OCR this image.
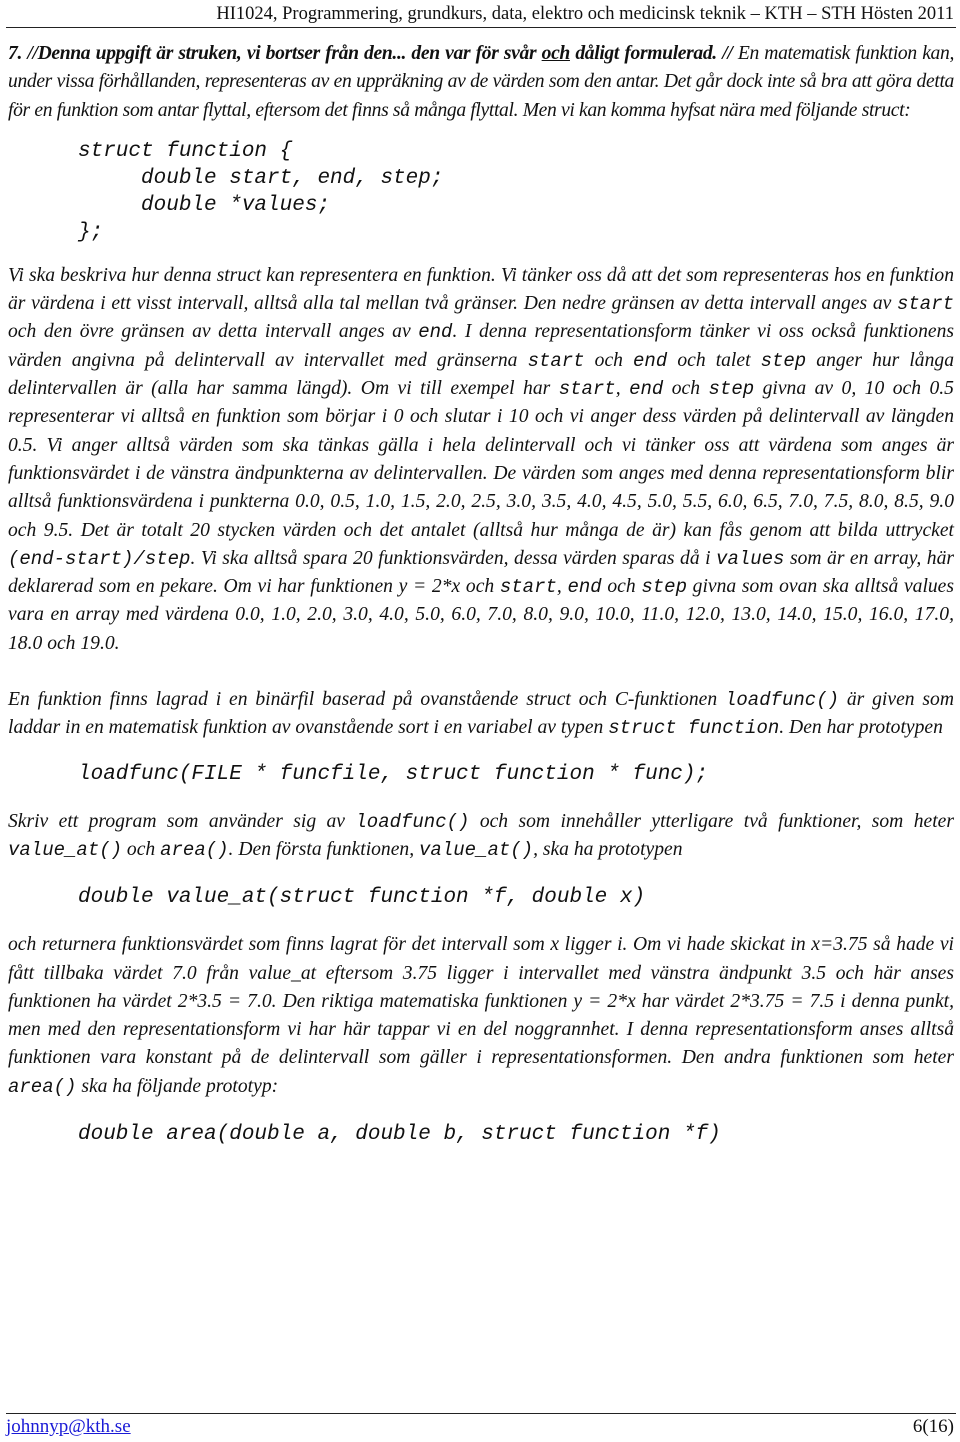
HI1024, Programmering, grundkurs, data, elektro och medicinsk teknik – KTH – STH Hösten 2011

7. //Denna uppgift är struken, vi bortser från den... den var för svår och dåligt formulerad. // En matematisk funktion kan, under vissa förhållanden, representeras av en uppräkning av de värden som den antar. Det går dock inte så bra att göra detta för en funktion som antar flyttal, eftersom det finns så många flyttal. Men vi kan komma hyfsat nära med följande struct:

struct function {
double start, end, step;
double *values;
};

Vi ska beskriva hur denna struct kan representera en funktion. Vi tänker oss då att det som representeras hos en funktion är värdena i ett visst intervall, alltså alla tal mellan två gränser. Den nedre gränsen av detta intervall anges av start och den övre gränsen av detta intervall anges av end. I denna representationsform tänker vi oss också funktionens värden angivna på delintervall av intervallet med gränserna start och end och talet step anger hur långa delintervallen är (alla har samma längd). Om vi till exempel har start, end och step givna av 0, 10 och 0.5 representerar vi alltså en funktion som börjar i 0 och slutar i 10 och vi anger dess värden på delintervall av längden 0.5. Vi anger alltså värden som ska tänkas gälla i hela delintervall och vi tänker oss att värdena som anges är funktionsvärdet i de vänstra ändpunkterna av delintervallen. De värden som anges med denna representationsform blir alltså funktionsvärdena i punkterna 0.0, 0.5, 1.0, 1.5, 2.0, 2.5, 3.0, 3.5, 4.0, 4.5, 5.0, 5.5, 6.0, 6.5, 7.0, 7.5, 8.0, 8.5, 9.0 och 9.5. Det är totalt 20 stycken värden och det antalet (alltså hur många de är) kan fås genom att bilda uttrycket (end-start)/step. Vi ska alltså spara 20 funktionsvärden, dessa värden sparas då i values som är en array, här deklarerad som en pekare. Om vi har funktionen y = 2*x och start, end och step givna som ovan ska alltså values vara en array med värdena 0.0, 1.0, 2.0, 3.0, 4.0, 5.0, 6.0, 7.0, 8.0, 9.0, 10.0, 11.0, 12.0, 13.0, 14.0, 15.0, 16.0, 17.0, 18.0 och 19.0.

En funktion finns lagrad i en binärfil baserad på ovanstående struct och C-funktionen loadfunc() är given som laddar in en matematisk funktion av ovanstående sort i en variabel av typen struct function. Den har prototypen

loadfunc(FILE * funcfile, struct function * func);

Skriv ett program som använder sig av loadfunc() och som innehåller ytterligare två funktioner, som heter value_at() och area(). Den första funktionen, value_at(), ska ha prototypen

double value_at(struct function *f, double x)

och returnera funktionsvärdet som finns lagrat för det intervall som x ligger i. Om vi hade skickat in x=3.75 så hade vi fått tillbaka värdet 7.0 från value_at eftersom 3.75 ligger i intervallet med vänstra ändpunkt 3.5 och här anses funktionen ha värdet 2*3.5 = 7.0. Den riktiga matematiska funktionen y = 2*x har värdet 2*3.75 = 7.5 i denna punkt, men med den representationsform vi har här tappar vi en del noggrannhet. I denna representationsform anses alltså funktionen vara konstant på de delintervall som gäller i representationsformen. Den andra funktionen som heter area() ska ha följande prototyp:

double area(double a, double b, struct function *f)
johnnyp@kth.se	6(16)
